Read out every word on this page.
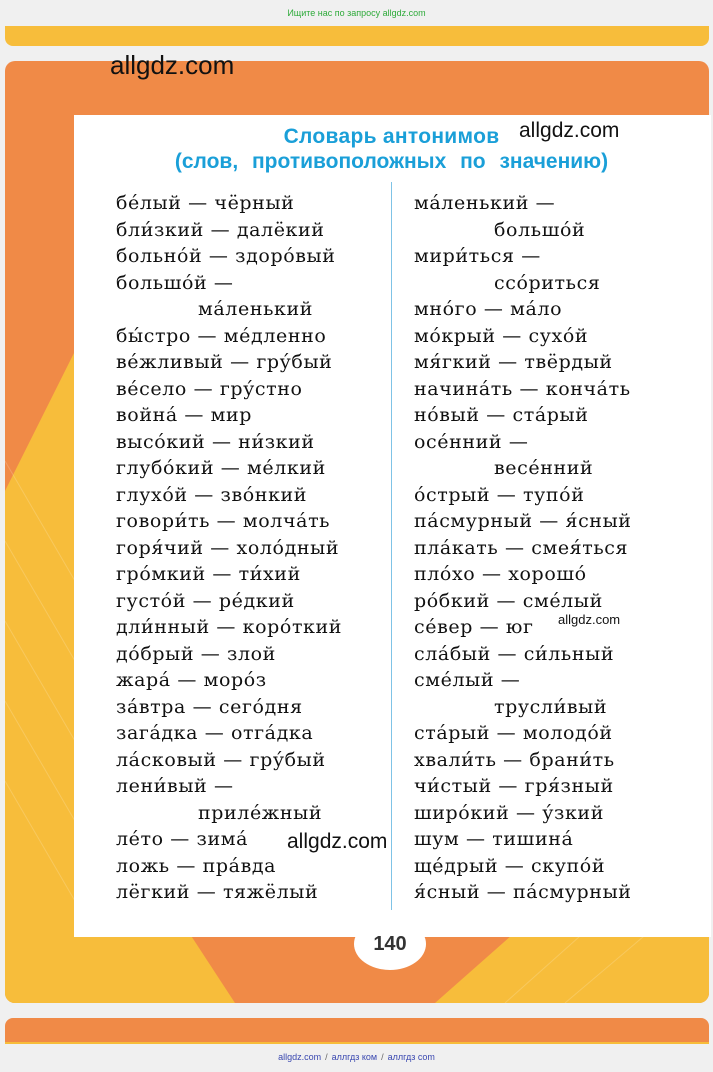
Ищите нас по запросу allgdz.com
allgdz.com
Словарь антонимов
(слов, противоположных по значению)
allgdz.com
бе́лый — чёрный
бли́зкий — далёкий
больно́й — здоро́вый
большо́й —
ма́ленький
бы́стро — ме́дленно
ве́жливый — гру́бый
ве́село — гру́стно
война́ — мир
высо́кий — ни́зкий
глубо́кий — ме́лкий
глухо́й — зво́нкий
говори́ть — молча́ть
горя́чий — холо́дный
гро́мкий — ти́хий
густо́й — ре́дкий
дли́нный — коро́ткий
до́брый — злой
жара́ — моро́з
за́втра — сего́дня
зага́дка — отга́дка
ла́сковый — гру́бый
лени́вый —
приле́жный
ле́то — зима́
ложь — пра́вда
лёгкий — тяжёлый
ма́ленький —
большо́й
мири́ться —
ссо́риться
мно́го — ма́ло
мо́крый — сухо́й
мя́гкий — твёрдый
начина́ть — конча́ть
но́вый — ста́рый
осе́нний —
весе́нний
о́стрый — тупо́й
па́смурный — я́сный
пла́кать — смея́ться
пло́хо — хорошо́
ро́бкий — сме́лый
се́вер — юг
сла́бый — си́льный
сме́лый —
трусли́вый
ста́рый — молодо́й
хвали́ть — брани́ть
чи́стый — гря́зный
широ́кий — у́зкий
шум — тишина́
ще́дрый — скупо́й
я́сный — па́смурный
allgdz.com
allgdz.com
140
allgdz.com / аллгдз ком / аллгдз com
